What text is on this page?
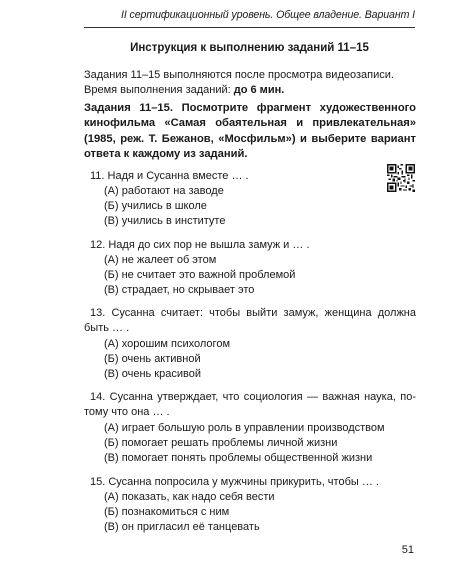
II сертификационный уровень. Общее владение. Вариант I
Инструкция к выполнению заданий 11–15
Задания 11–15 выполняются после просмотра видеозаписи.
Время выполнения заданий: до 6 мин.
Задания 11–15. Посмотрите фрагмент художественного кинофильма «Самая обаятельная и привлекательная» (1985, реж. Т. Бежанов, «Мосфильм») и выберите вариант ответа к каждому из заданий.
11. Надя и Сусанна вместе … .
(А) работают на заводе
(Б) учились в школе
(В) учились в институте
12. Надя до сих пор не вышла замуж и … .
(А) не жалеет об этом
(Б) не считает это важной проблемой
(В) страдает, но скрывает это
13. Сусанна считает: чтобы выйти замуж, женщина должна быть … .
(А) хорошим психологом
(Б) очень активной
(В) очень красивой
14. Сусанна утверждает, что социология — важная наука, потому что она … .
(А) играет большую роль в управлении производством
(Б) помогает решать проблемы личной жизни
(В) помогает понять проблемы общественной жизни
15. Сусанна попросила у мужчины прикурить, чтобы … .
(А) показать, как надо себя вести
(Б) познакомиться с ним
(В) он пригласил её танцевать
51
